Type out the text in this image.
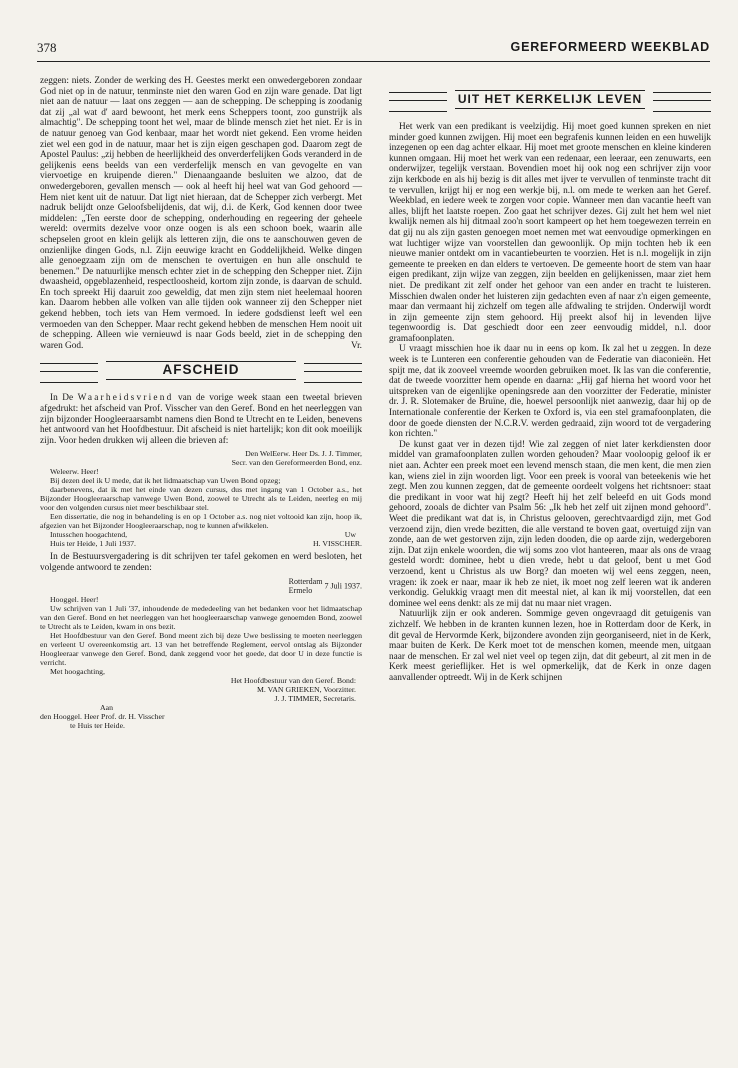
378	GEREFORMEERD WEEKBLAD

zeggen: niets. Zonder de werking des H. Geestes merkt een onwedergeboren zondaar God niet op in de natuur, tenminste niet den waren God en zijn ware genade. Dat ligt niet aan de natuur — laat ons zeggen — aan de schepping. De schepping is zoodanig dat zij „al wat d' aard bewoont, het merk eens Scheppers toont, zoo gunstrijk als almachtig". De schepping toont het wel, maar de blinde mensch ziet het niet. Er is in de natuur genoeg van God kenbaar, maar het wordt niet gekend. Een vrome heiden ziet wel een god in de natuur, maar het is zijn eigen geschapen god. Daarom zegt de Apostel Paulus: „zij hebben de heerlijkheid des onverderfelijken Gods veranderd in de gelijkenis eens beelds van een verderfelijk mensch en van gevogelte en van viervoetige en kruipende dieren." Dienaangaande besluiten we alzoo, dat de onwedergeboren, gevallen mensch — ook al heeft hij heel wat van God gehoord — Hem niet kent uit de natuur. Dat ligt niet hieraan, dat de Schepper zich verbergt. Met nadruk belijdt onze Geloofsbelijdenis, dat wij, d.i. de Kerk, God kennen door twee middelen: „Ten eerste door de schepping, onderhouding en regeering der geheele wereld: overmits dezelve voor onze oogen is als een schoon boek, waarin alle schepselen groot en klein gelijk als letteren zijn, die ons te aanschouwen geven de onzienlijke dingen Gods, n.l. Zijn eeuwige kracht en Goddelijkheid. Welke dingen alle genoegzaam zijn om de menschen te overtuigen en hun alle onschuld te benemen." De natuurlijke mensch echter ziet in de schepping den Schepper niet. Zijn dwaasheid, opgeblazenheid, respectloosheid, kortom zijn zonde, is daarvan de schuld. En toch spreekt Hij daaruit zoo geweldig, dat men zijn stem niet heelemaal hooren kan. Daarom hebben alle volken van alle tijden ook wanneer zij den Schepper niet gekend hebben, toch iets van Hem vermoed. In iedere godsdienst leeft wel een vermoeden van den Schepper. Maar recht gekend hebben de menschen Hem nooit uit de schepping. Alleen wie vernieuwd is naar Gods beeld, ziet in de schepping den waren God.	Vr.

AFSCHEID

In De Waarheidsvriend van de vorige week staan een tweetal brieven afgedrukt: het afscheid van Prof. Visscher van den Geref. Bond en het neerleggen van zijn bijzonder Hoogleeraarsambt namens dien Bond te Utrecht en te Leiden, benevens het antwoord van het Hoofdbestuur. Dit afscheid is niet hartelijk; kon dit ook moeilijk zijn. Voor heden drukken wij alleen die brieven af:

Den WelEerw. Heer Ds. J. J. Timmer,
Secr. van den Gereformeerden Bond, enz.
Weleerw. Heer!
Bij dezen deel ik U mede, dat ik het lidmaatschap van Uwen Bond opzeg;
daarbenevens, dat ik met het einde van dezen cursus, dus met ingang van 1 October a.s., het Bijzonder Hoogleeraarschap vanwege Uwen Bond, zoowel te Utrecht als te Leiden, neerleg en mij voor den volgenden cursus niet meer beschikbaar stel.
Een dissertatie, die nog in behandeling is en op 1 October a.s. nog niet voltooid kan zijn, hoop ik, afgezien van het Bijzonder Hoogleeraarschap, nog te kunnen afwikkelen.
Intusschen hoogachtend,	Uw
Huis ter Heide, 1 Juli 1937.	H. VISSCHER.

In de Bestuursvergadering is dit schrijven ter tafel gekomen en werd besloten, het volgende antwoord te zenden:

Rotterdam
Ermelo	7 Juli 1937.
Hooggel. Heer!
Uw schrijven van 1 Juli '37, inhoudende de mededeeling van het bedanken voor het lidmaatschap van den Geref. Bond en het neerleggen van het hoogleeraarschap vanwege genoemden Bond, zoowel te Utrecht als te Leiden, kwam in ons bezit.
Het Hoofdbestuur van den Geref. Bond meent zich bij deze Uwe beslissing te moeten neerleggen en verleent U overeenkomstig art. 13 van het betreffende Reglement, eervol ontslag als Bijzonder Hoogleeraar vanwege den Geref. Bond, dank zeggend voor het goede, dat door U in deze functie is verricht.
Met hoogachting,
Het Hoofdbestuur van den Geref. Bond:
M. VAN GRIEKEN, Voorzitter.
J. J. TIMMER, Secretaris.
Aan
den Hooggel. Heer Prof. dr. H. Visscher
te Huis ter Heide.
UIT HET KERKELIJK LEVEN

Het werk van een predikant is veelzijdig. Hij moet goed kunnen spreken en niet minder goed kunnen zwijgen. Hij moet een begrafenis kunnen leiden en een huwelijk inzegenen op een dag achter elkaar. Hij moet met groote menschen en kleine kinderen kunnen omgaan. Hij moet het werk van een redenaar, een leeraar, een zenuwarts, een onderwijzer, tegelijk verstaan. Bovendien moet hij ook nog een schrijver zijn voor zijn kerkbode en als hij bezig is dit alles met ijver te vervullen of tenminste tracht dit te vervullen, krijgt hij er nog een werkje bij, n.l. om mede te werken aan het Geref. Weekblad, en iedere week te zorgen voor copie. Wanneer men dan vacantie heeft van alles, blijft het laatste roepen. Zoo gaat het schrijver dezes. Gij zult het hem wel niet kwalijk nemen als hij ditmaal zoo'n soort kampeert op het hem toegewezen terrein en dat gij nu als zijn gasten genoegen moet nemen met wat eenvoudige opmerkingen en wat luchtiger wijze van voorstellen dan gewoonlijk. Op mijn tochten heb ik een nieuwe manier ontdekt om in vacantiebeurten te voorzien. Het is n.l. mogelijk in zijn gemeente te preeken en dan elders te vertoeven. De gemeente hoort de stem van haar eigen predikant, zijn wijze van zeggen, zijn beelden en gelijkenissen, maar ziet hem niet. De predikant zit zelf onder het gehoor van een ander en tracht te luisteren. Misschien dwalen onder het luisteren zijn gedachten even af naar z'n eigen gemeente, maar dan vermaant hij zichzelf om tegen alle afdwaling te strijden. Onderwijl wordt in zijn gemeente zijn stem gehoord. Hij preekt alsof hij in levenden lijve tegenwoordig is. Dat geschiedt door een zeer eenvoudig middel, n.l. door gramafoonplaten.

U vraagt misschien hoe ik daar nu in eens op kom. Ik zal het u zeggen. In deze week is te Lunteren een conferentie gehouden van de Federatie van diaconieën. Het spijt me, dat ik zooveel vreemde woorden gebruiken moet. Ik las van die conferentie, dat de tweede voorzitter hem opende en daarna: „Hij gaf hierna het woord voor het uitspreken van de eigenlijke openingsrede aan den voorzitter der Federatie, minister dr. J. R. Slotemaker de Bruïne, die, hoewel persoonlijk niet aanwezig, daar hij op de Internationale conferentie der Kerken te Oxford is, via een stel gramafoonplaten, die door de goede diensten der N.C.R.V. werden gedraaid, zijn woord tot de vergadering kon richten."

De kunst gaat ver in dezen tijd! Wie zal zeggen of niet later kerkdiensten door middel van gramafoonplaten zullen worden gehouden? Maar vooloopig geloof ik er niet aan. Achter een preek moet een levend mensch staan, die men kent, die men zien kan, wiens ziel in zijn woorden ligt. Voor een preek is vooral van beteekenis wie het zegt. Men zou kunnen zeggen, dat de gemeente oordeelt volgens het richtsnoer: staat die predikant in voor wat hij zegt? Heeft hij het zelf beleefd en uit Gods mond gehoord, zooals de dichter van Psalm 56: „Ik heb het zelf uit zijnen mond gehoord". Weet die predikant wat dat is, in Christus gelooven, gerechtvaardigd zijn, met God verzoend zijn, dien vrede bezitten, die alle verstand te boven gaat, overtuigd zijn van zonde, aan de wet gestorven zijn, zijn leden dooden, die op aarde zijn, wedergeboren zijn. Dat zijn enkele woorden, die wij soms zoo vlot hanteeren, maar als ons de vraag gesteld wordt: dominee, hebt u dien vrede, hebt u dat geloof, bent u met God verzoend, kent u Christus als uw Borg? dan moeten wij wel eens zeggen, neen, vragen: ik zoek er naar, maar ik heb ze niet, ik moet nog zelf leeren wat ik anderen verkondig. Gelukkig vraagt men dit meestal niet, al kan ik mij voorstellen, dat een dominee wel eens denkt: als ze mij dat nu maar niet vragen.

Natuurlijk zijn er ook anderen. Sommige geven ongevraagd dit getuigenis van zichzelf. We hebben in de kranten kunnen lezen, hoe in Rotterdam door de Kerk, in dit geval de Hervormde Kerk, bijzondere avonden zijn georganiseerd, niet in de Kerk, maar buiten de Kerk. De Kerk moet tot de menschen komen, meende men, uitgaan naar de menschen. Er zal wel niet veel op tegen zijn, dat dit gebeurt, al zit men in de Kerk meest gerieflijker. Het is wel opmerkelijk, dat de Kerk in onze dagen aanvallender optreedt. Wij in de Kerk schijnen
